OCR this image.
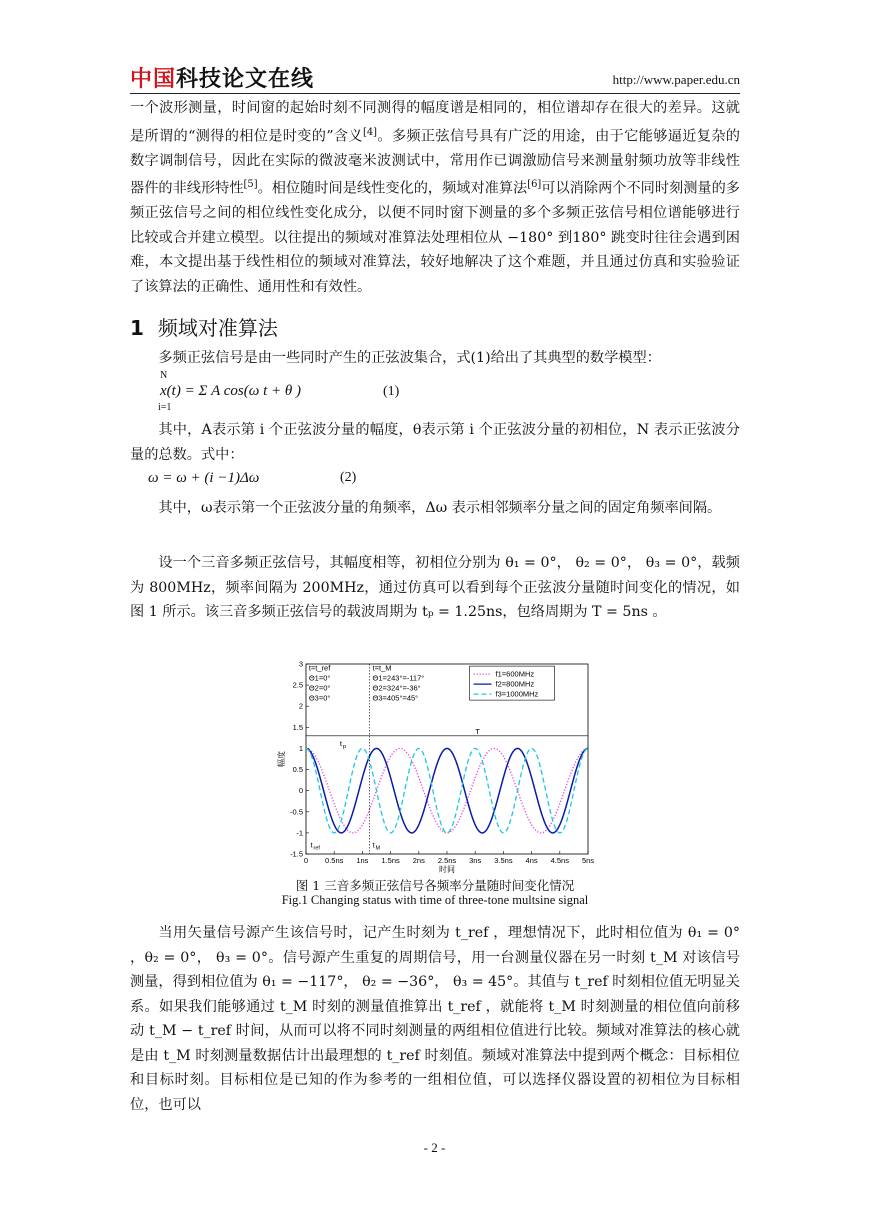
中国科技论文在线	http://www.paper.edu.cn

一个波形测量，时间窗的起始时刻不同测得的幅度谱是相同的，相位谱却存在很大的差异。这就是所谓的“测得的相位是时变的”含义[4]。多频正弦信号具有广泛的用途，由于它能够逼近复杂的数字调制信号，因此在实际的微波毫米波测试中，常用作已调激励信号来测量射频功放等非线性器件的非线形特性[5]。相位随时间是线性变化的，频域对准算法[6]可以消除两个不同时刻测量的多频正弦信号之间的相位线性变化成分，以便不同时窗下测量的多个多频正弦信号相位谱能够进行比较或合并建立模型。以往提出的频域对准算法处理相位从 −180° 到180° 跳变时往往会遇到困难，本文提出基于线性相位的频域对准算法，较好地解决了这个难题，并且通过仿真和实验验证了该算法的正确性、通用性和有效性。

1 频域对准算法

多频正弦信号是由一些同时产生的正弦波集合，式(1)给出了其典型的数学模型：

N
x(t) = Σ A cos(ω t + θ )
i=1
(1)

其中，A表示第 i 个正弦波分量的幅度，θ表示第 i 个正弦波分量的初相位，N 表示正弦波分量的总数。式中：

ω = ω + (i −1)Δω	(2)

其中，ω表示第一个正弦波分量的角频率，Δω 表示相邻频率分量之间的固定角频率间隔。

设一个三音多频正弦信号，其幅度相等，初相位分别为 θ₁ = 0°， θ₂ = 0°， θ₃ = 0°，载频为 800MHz，频率间隔为 200MHz，通过仿真可以看到每个正弦波分量随时间变化的情况，如图 1 所示。该三音多频正弦信号的载波周期为 tₚ = 1.25ns，包络周期为 T = 5ns 。

0 0.5ns 1ns 1.5ns 2ns 2.5ns 3ns 3.5ns 4ns 4.5ns 5ns
3
2.5
2
1.5
1
0.5
0
-0.5
-1
-1.5
时间
幅度
f1=600MHz
f2=800MHz
f3=1000MHz
t=t_ref
Θ1=0°
Θ2=0°
Θ3=0°
t=t_M
Θ1=243°=-117°
Θ2=324°=-36°
Θ3=405°=45°
t p
T
t ref	t M
图 1 三音多频正弦信号各频率分量随时间变化情况
Fig.1 Changing status with time of three-tone multsine signal

当用矢量信号源产生该信号时，记产生时刻为 t_ref ，理想情况下，此时相位值为 θ₁ = 0° ，θ₂ = 0°， θ₃ = 0°。信号源产生重复的周期信号，用一台测量仪器在另一时刻 t_M 对该信号测量，得到相位值为 θ₁ = −117°， θ₂ = −36°， θ₃ = 45°。其值与 t_ref 时刻相位值无明显关系。如果我们能够通过 t_M 时刻的测量值推算出 t_ref ，就能将 t_M 时刻测量的相位值向前移动 t_M − t_ref 时间，从而可以将不同时刻测量的两组相位值进行比较。频域对准算法的核心就是由 t_M 时刻测量数据估计出最理想的 t_ref 时刻值。频域对准算法中提到两个概念：目标相位和目标时刻。目标相位是已知的作为参考的一组相位值，可以选择仪器设置的初相位为目标相位，也可以

- 2 -
